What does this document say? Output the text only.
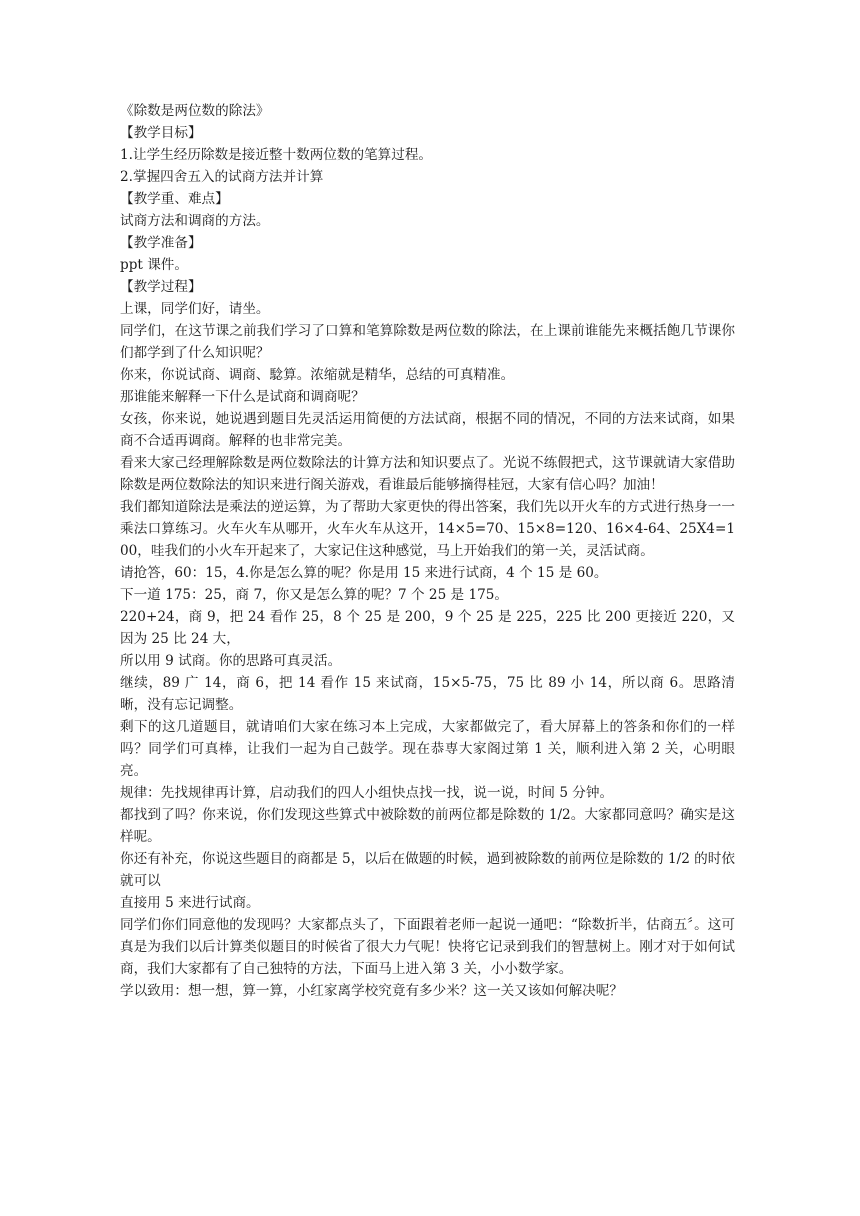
《除数是两位数的除法》

【教学目标】

1.让学生经历除数是接近整十数两位数的笔算过程。

2.掌握四舍五入的试商方法并计算

【教学重、难点】

试商方法和调商的方法。

【教学准备】

ppt 课件。

【教学过程】

上课，同学们好，请坐。

同学们，在这节课之前我们学习了口算和笔算除数是两位数的除法，在上课前谁能先来概括飽几节课你们都学到了什么知识呢？

你来，你说试商、调商、騐算。浓缩就是精华，总结的可真精准。

那谁能来解释一下什么是试商和调商呢？

女孩，你来说，她说遇到题目先灵活运用简便的方法试商，根据不同的情况，不同的方法来试商，如果商不合适再调商。解释的也非常完美。

看来大家己经理解除数是两位数除法的计算方法和知识要点了。光说不练假把式，这节课就请大家借助除数是两位数除法的知识来进行阁关游戏，看谁最后能够摘得桂冠，大家有信心吗？加油！

我们都知道除法是乘法的逆运算，为了帮助大家更快的得出答案，我们先以开火车的方式进行热身一一乘法口算练习。火车火车从哪开，火车火车从这开，14×5=70、15×8=120、16×4-64、25X4=100，哇我们的小火车开起来了，大家记住这种感觉，马上开始我们的第一关，灵活试商。

请抢答，60：15，4.你是怎么算的呢？你是用 15 来进行试商，4 个 15 是 60。

下一道 175：25，商 7，你又是怎么算的呢？7 个 25 是 175。

220+24，商 9，把 24 看作 25，8 个 25 是 200，9 个 25 是 225，225 比 200 更接近 220，又因为 25 比 24 大，

所以用 9 试商。你的思路可真灵活。

继续，89 广 14，商 6，把 14 看作 15 来试商，15×5-75，75 比 89 小 14，所以商 6。思路清晰，没有忘记调整。

剩下的这几道题目，就请咱们大家在练习本上完成，大家都做完了，看大屏幕上的答条和你们的一样吗？同学们可真棒，让我们一起为自己鼓学。现在恭専大家阁过第 1 关，顺利进入第 2 关，心明眼亮。

规律：先找规律再计算，启动我们的四人小组快点找一找，说一说，时间 5 分钟。

都找到了吗？你来说，你们发现这些算式中被除数的前两位都是除数的 1/2。大家都同意吗？确实是这样呢。

你还有补充，你说这些题目的商都是 5，以后在做题的时候，過到被除数的前两位是除数的 1/2 的时依就可以

直接用 5 来进行试商。

同学们你们同意他的发现吗？大家都点头了，下面跟着老师一起说一通吧：“除数折半，估商五〞。这可真是为我们以后计算类似题目的时候省了很大力气呢！快将它记录到我们的智慧树上。刚才对于如何试商，我们大家都有了自己独特的方法，下面马上进入第 3 关，小小数学家。

学以致用：想一想，算一算，小红家离学校究竟有多少米？这一关又该如何解决呢？
